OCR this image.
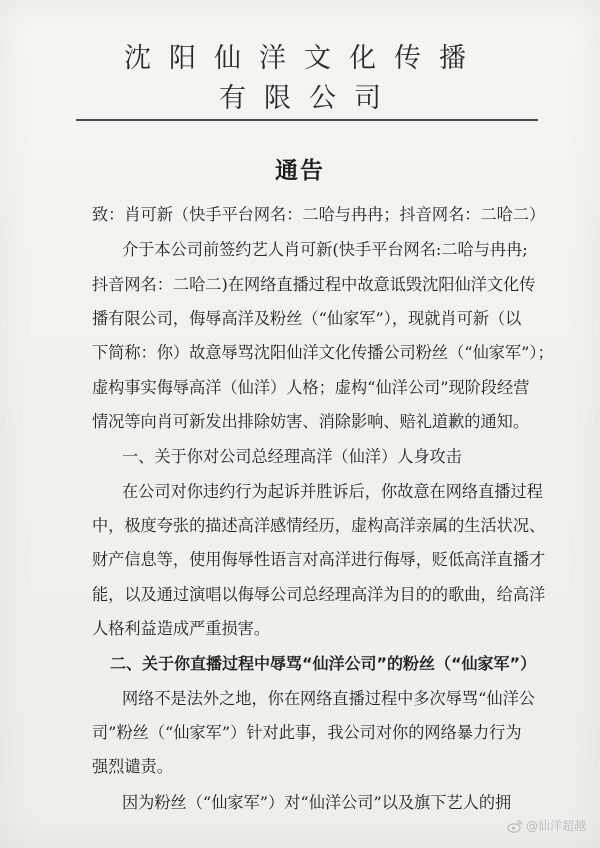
沈阳仙洋文化传播
有限公司
通告
致：肖可新（快手平台网名：二哈与冉冉；抖音网名：二哈二）
介于本公司前签约艺人肖可新(快手平台网名:二哈与冉冉;
抖音网名：二哈二)在网络直播过程中故意诋毁沈阳仙洋文化传
播有限公司，侮辱高洋及粉丝（“仙家军”），现就肖可新（以
下简称：你）故意辱骂沈阳仙洋文化传播公司粉丝（“仙家军”）；
虚构事实侮辱高洋（仙洋）人格；虚构“仙洋公司”现阶段经营
情况等向肖可新发出排除妨害、消除影响、赔礼道歉的通知。
一、关于你对公司总经理高洋（仙洋）人身攻击
在公司对你违约行为起诉并胜诉后，你故意在网络直播过程
中，极度夸张的描述高洋感情经历，虚构高洋亲属的生活状况、
财产信息等，使用侮辱性语言对高洋进行侮辱，贬低高洋直播才
能，以及通过演唱以侮辱公司总经理高洋为目的的歌曲，给高洋
人格利益造成严重损害。
二、关于你直播过程中辱骂“仙洋公司”的粉丝（“仙家军”）
网络不是法外之地，你在网络直播过程中多次辱骂“仙洋公
司”粉丝（“仙家军”）针对此事，我公司对你的网络暴力行为
强烈谴责。
因为粉丝（“仙家军”）对“仙洋公司”以及旗下艺人的拥
@仙洋超越
